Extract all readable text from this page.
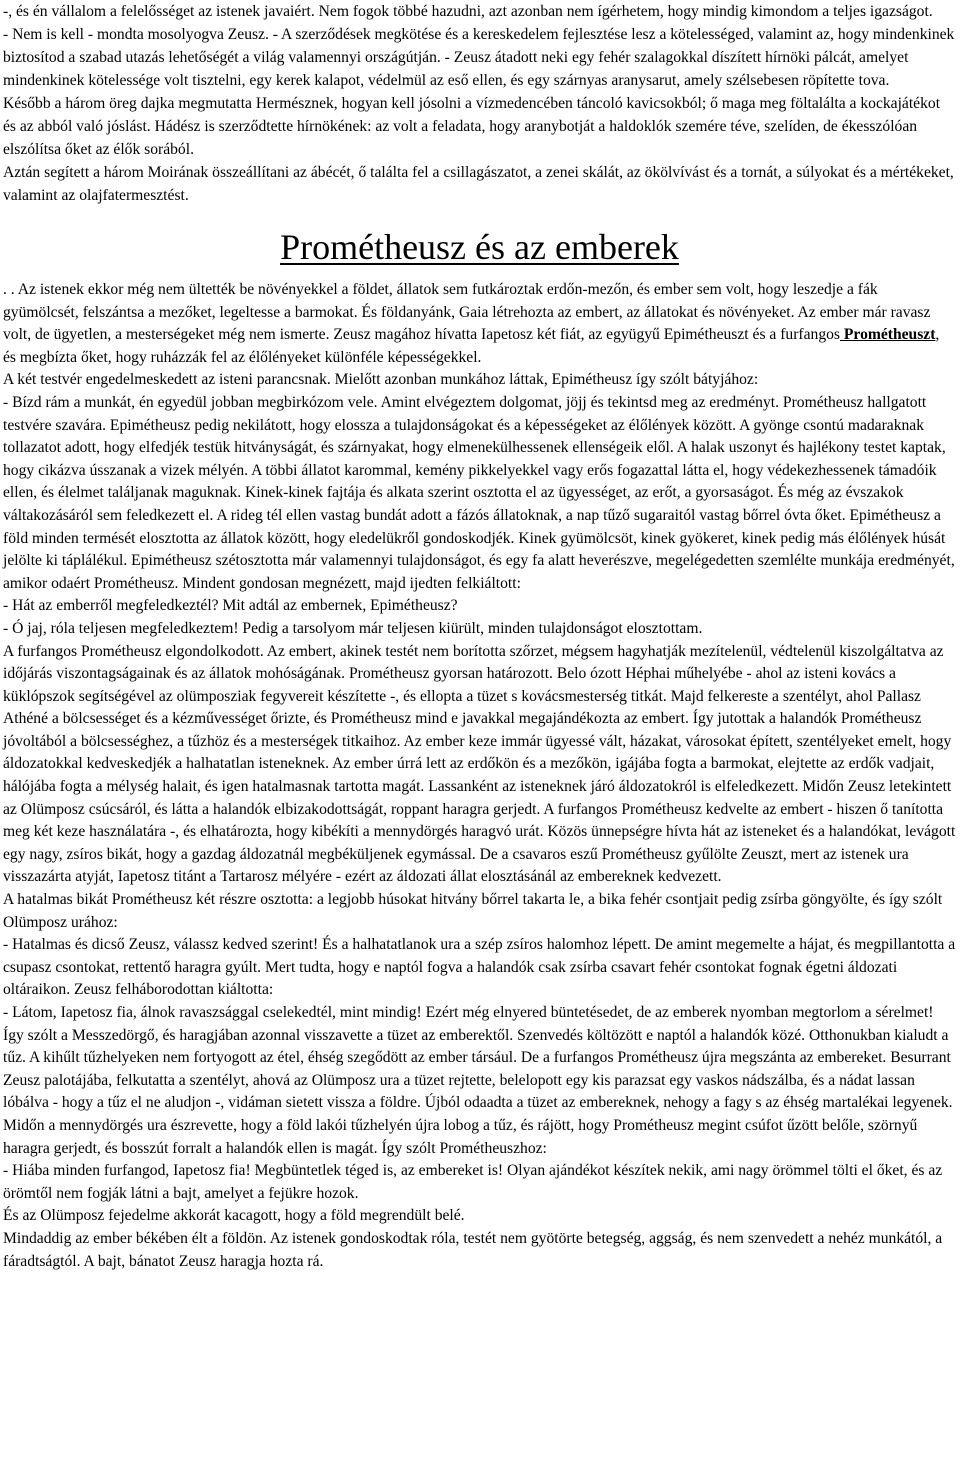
-, és én vállalom a felelősséget az istenek javaiért. Nem fogok többé hazudni, azt azonban nem ígérhetem, hogy mindig kimondom a teljes igazságot.

- Nem is kell - mondta mosolyogva Zeusz. - A szerződések megkötése és a kereskedelem fejlesztése lesz a kötelességed, valamint az, hogy mindenkinek biztosítod a szabad utazás lehetőségét a világ valamennyi országútján. - Zeusz átadott neki egy fehér szalagokkal díszített hírnöki pálcát, amelyet mindenkinek kötelessége volt tisztelni, egy kerek kalapot, védelmül az eső ellen, és egy szárnyas aranysarut, amely szélsebesen röpítette tova.

Később a három öreg dajka megmutatta Hermésznek, hogyan kell jósolni a vízmedencében táncoló kavicsokból; ő maga meg föltalálta a kockajátékot és az abból való jóslást. Hádész is szerződtette hírnökének: az volt a feladata, hogy aranybotját a haldoklók szemére téve, szelíden, de ékesszólóan elszólítsa őket az élők sorából.

Aztán segített a három Moirának összeállítani az ábécét, ő találta fel a csillagászatot, a zenei skálát, az ökölvívást és a tornát, a súlyokat és a mértékeket, valamint az olajfatermesztést.

Prométheusz és az emberek

. . Az istenek ekkor még nem ültették be növényekkel a földet, állatok sem futkároztak erdőn-mezőn, és ember sem volt, hogy leszedje a fák gyümölcsét, felszántsa a mezőket, legeltesse a barmokat. És földanyánk, Gaia létrehozta az embert, az állatokat és növényeket. Az ember már ravasz volt, de ügyetlen, a mesterségeket még nem ismerte. Zeusz magához hívatta Iapetosz két fiát, az együgyű Epimétheuszt és a furfangos Prométheuszt, és megbízta őket, hogy ruházzák fel az élőlényeket különféle képességekkel.

A két testvér engedelmeskedett az isteni parancsnak. Mielőtt azonban munkához láttak, Epimétheusz így szólt bátyjához:

- Bízd rám a munkát, én egyedül jobban megbirkózom vele. Amint elvégeztem dolgomat, jöjj és tekintsd meg az eredményt. Prométheusz hallgatott testvére szavára. Epimétheusz pedig nekilátott, hogy elossza a tulajdonságokat és a képességeket az élőlények között. A gyönge csontú madaraknak tollazatot adott, hogy elfedjék testük hitványságát, és szárnyakat, hogy elmenekülhessenek ellenségeik elől. A halak uszonyt és hajlékony testet kaptak, hogy cikázva ússzanak a vizek mélyén. A többi állatot karommal, kemény pikkelyekkel vagy erős fogazattal látta el, hogy védekezhessenek támadóik ellen, és élelmet találjanak maguknak. Kinek-kinek fajtája és alkata szerint osztotta el az ügyességet, az erőt, a gyorsaságot. És még az évszakok váltakozásáról sem feledkezett el. A rideg tél ellen vastag bundát adott a fázós állatoknak, a nap tűző sugaraitól vastag bőrrel óvta őket. Epimétheusz a föld minden termését elosztotta az állatok között, hogy eledelükről gondoskodjék. Kinek gyümölcsöt, kinek gyökeret, kinek pedig más élőlények húsát jelölte ki táplálékul. Epimétheusz szétosztotta már valamennyi tulajdonságot, és egy fa alatt heverészve, megelégedetten szemlélte munkája eredményét, amikor odaért Prométheusz. Mindent gondosan megnézett, majd ijedten felkiáltott:

- Hát az emberről megfeledkeztél? Mit adtál az embernek, Epimétheusz?

- Ó jaj, róla teljesen megfeledkeztem! Pedig a tarsolyom már teljesen kiürült, minden tulajdonságot elosztottam.

A furfangos Prométheusz elgondolkodott. Az embert, akinek testét nem borította szőrzet, mégsem hagyhatják mezítelenül, védtelenül kiszolgáltatva az időjárás viszontagságainak és az állatok mohóságának. Prométheusz gyorsan határozott. Belo ózott Héphai műhelyébe - ahol az isteni kovács a küklópszok segítségével az olümposziak fegyvereit készítette -, és ellopta a tüzet s kovácsmesterség titkát. Majd felkereste a szentélyt, ahol Pallasz Athéné a bölcsességet és a kézművességet őrizte, és Prométheusz mind e javakkal megajándékozta az embert. Így jutottak a halandók Prométheusz jóvoltából a bölcsességhez, a tűzhöz és a mesterségek titkaihoz. Az ember keze immár ügyessé vált, házakat, városokat épített, szentélyeket emelt, hogy áldozatokkal kedveskedjék a halhatatlan isteneknek. Az ember úrrá lett az erdőkön és a mezőkön, igájába fogta a barmokat, elejtette az erdők vadjait, hálójába fogta a mélység halait, és igen hatalmasnak tartotta magát. Lassanként az isteneknek járó áldozatokról is elfeledkezett. Midőn Zeusz letekintett az Olümposz csúcsáról, és látta a halandók elbizakodottságát, roppant haragra gerjedt. A furfangos Prométheusz kedvelte az embert - hiszen ő tanította meg két keze használatára -, és elhatározta, hogy kibékíti a mennydörgés haragvó urát. Közös ünnepségre hívta hát az isteneket és a halandókat, levágott egy nagy, zsíros bikát, hogy a gazdag áldozatnál megbéküljenek egymással. De a csavaros eszű Prométheusz gyűlölte Zeuszt, mert az istenek ura visszazárta atyját, Iapetosz titánt a Tartarosz mélyére - ezért az áldozati állat elosztásánál az embereknek kedvezett.

A hatalmas bikát Prométheusz két részre osztotta: a legjobb húsokat hitvány bőrrel takarta le, a bika fehér csontjait pedig zsírba göngyölte, és így szólt Olümposz urához:

- Hatalmas és dicső Zeusz, válassz kedved szerint! És a halhatatlanok ura a szép zsíros halomhoz lépett. De amint megemelte a hájat, és megpillantotta a csupasz csontokat, rettentő haragra gyúlt. Mert tudta, hogy e naptól fogva a halandók csak zsírba csavart fehér csontokat fognak égetni áldozati oltáraikon. Zeusz felháborodottan kiáltotta:

- Látom, Iapetosz fia, álnok ravaszsággal cselekedtél, mint mindig! Ezért még elnyered büntetésedet, de az emberek nyomban megtorlom a sérelmet!

Így szólt a Messzedörgő, és haragjában azonnal visszavette a tüzet az emberektől. Szenvedés költözött e naptól a halandók közé. Otthonukban kialudt a tűz. A kihűlt tűzhelyeken nem fortyogott az étel, éhség szegődött az ember társául. De a furfangos Prométheusz újra megszánta az embereket. Besurrant Zeusz palotájába, felkutatta a szentélyt, ahová az Olümposz ura a tüzet rejtette, belelopott egy kis parazsat egy vaskos nádszálba, és a nádat lassan lóbálva - hogy a tűz el ne aludjon -, vidáman sietett vissza a földre. Újból odaadta a tüzet az embereknek, nehogy a fagy s az éhség martalékai legyenek. Midőn a mennydörgés ura észrevette, hogy a föld lakói tűzhelyén újra lobog a tűz, és rájött, hogy Prométheusz megint csúfot űzött belőle, szörnyű haragra gerjedt, és bosszút forralt a halandók ellen is magát. Így szólt Prométheuszhoz:

- Hiába minden furfangod, Iapetosz fia! Megbüntetlek téged is, az embereket is! Olyan ajándékot készítek nekik, ami nagy örömmel tölti el őket, és az örömtől nem fogják látni a bajt, amelyet a fejükre hozok.

És az Olümposz fejedelme akkorát kacagott, hogy a föld megrendült belé.

Mindaddig az ember békében élt a földön. Az istenek gondoskodtak róla, testét nem gyötörte betegség, aggság, és nem szenvedett a nehéz munkától, a fáradtságtól. A bajt, bánatot Zeusz haragja hozta rá.
